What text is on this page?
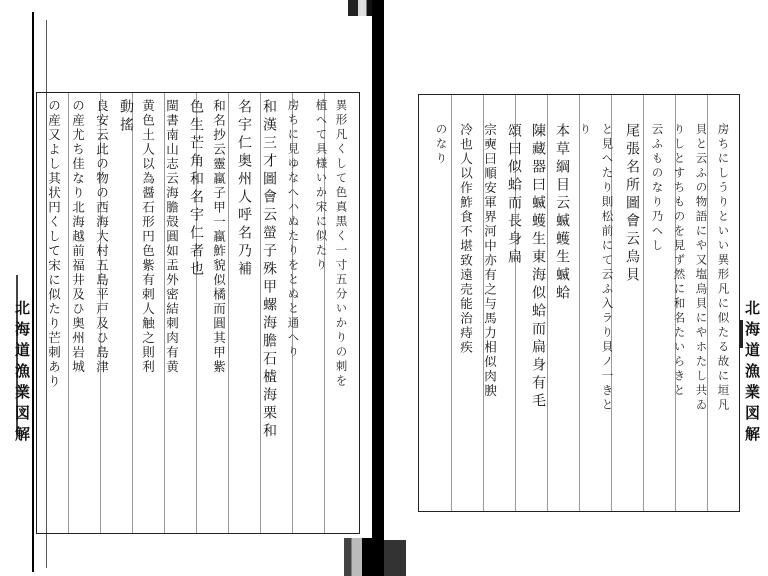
北海道漁業図解	異形凡くして色真黒く一寸五分いかりの刺を
植へて具様いか宋に似たり
房ちに見ゆなへハぬたりをとぬと通へり
和漢三才圖會云螢子殊甲螺海膽石樝海栗和
名宇仁奥州人呼名乃補
和名抄云靈蠃子甲一蠃鮓貌似橘而圓其甲紫
色生芒角和名宇仁者也
閩書南山志云海膽殻圓如盂外密結刺肉有黄
黄色土人以為醤石形円色紫有剌人触之則利
動搖
良安云此の物の西海大村五島平戸及ひ島津
の産尤ち佳なり北海越前福井及ひ奥州岩城
の産又よし其状円くして宋に似たり芒刺あり	房ちにしうりといい異形凡に似たる故に垣凡
貝と云ふの物語にや又塩烏貝にやホたし共ゐ
りしとすちものを見ず然に和名たいらきと
云ふものなり乃へし
尾張名所圖會云烏貝
と見へたり則松前にて云ふ入ラり貝ノ一きと
り
本草綱目云蝛蠖生蝛蛤
陳藏器曰蝛蠖生東海似蛤而扁身有毛
頌曰似蛤而長身扁
宗奭曰順安軍界河中亦有之与馬力相似肉腴
冷也人以作鮓食不堪致遠売能治痔疾
のなり
北海道漁業図解
